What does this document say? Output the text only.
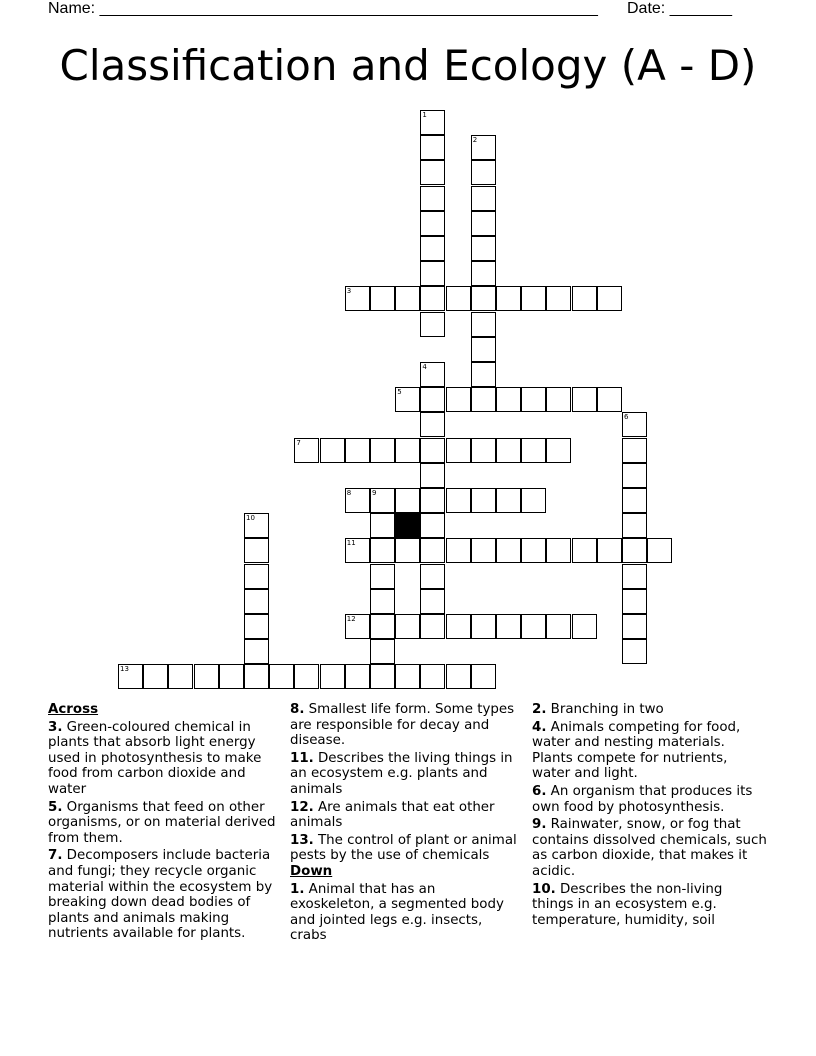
Name: ________________________________________________________ Date: _______
Classification and Ecology (A - D)
1
2
3
4
5
6
7
8	9
10
11
12
13

Across

3. Green-coloured chemical in plants that absorb light energy used in photosynthesis to make food from carbon dioxide and water

5. Organisms that feed on other organisms, or on material derived from them.

7. Decomposers include bacteria and fungi; they recycle organic material within the ecosystem by breaking down dead bodies of plants and animals making nutrients available for plants.

8. Smallest life form. Some types are responsible for decay and disease.

11. Describes the living things in an ecosystem e.g. plants and animals

12. Are animals that eat other animals

13. The control of plant or animal pests by the use of chemicals

Down

1. Animal that has an exoskeleton, a segmented body and jointed legs e.g. insects, crabs

2. Branching in two

4. Animals competing for food, water and nesting materials. Plants compete for nutrients, water and light.

6. An organism that produces its own food by photosynthesis.

9. Rainwater, snow, or fog that contains dissolved chemicals, such as carbon dioxide, that makes it acidic.

10. Describes the non-living things in an ecosystem e.g. temperature, humidity, soil
